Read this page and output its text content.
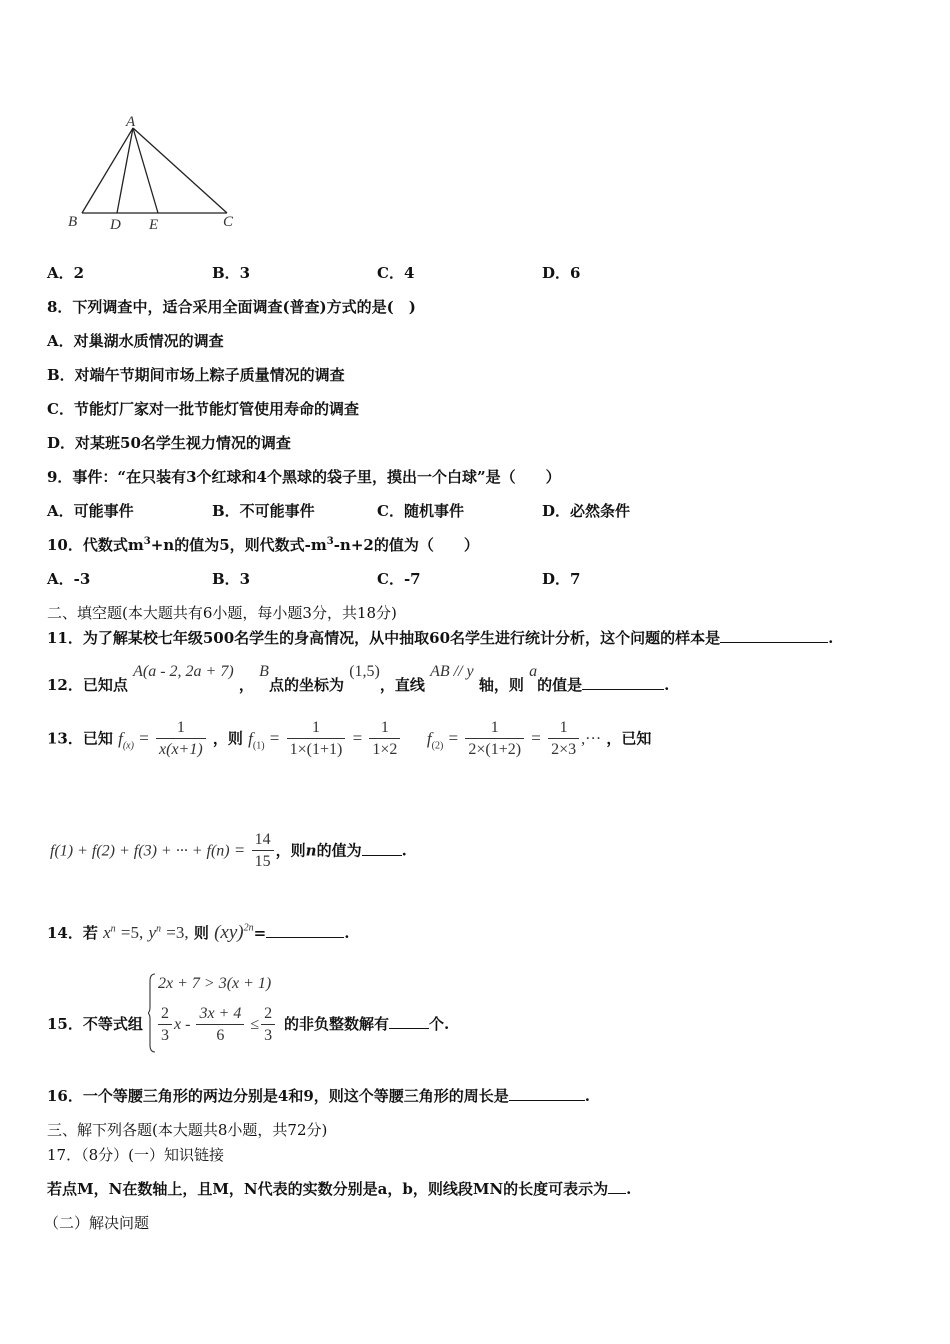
A
B D E	C
A．2	B．3	C．4	D．6
8．下列调查中，适合采用全面调查(普查)方式的是(　)
A．对巢湖水质情况的调查
B．对端午节期间市场上粽子质量情况的调查
C．节能灯厂家对一批节能灯管使用寿命的调查
D．对某班50名学生视力情况的调查
9．事件：“在只装有3个红球和4个黑球的袋子里，摸出一个白球”是（　　）
A．可能事件	B．不可能事件	C．随机事件	D．必然条件
10．代数式$m^3+n$的值为5，则代数式$-m^3-n+2$的值为（　　）
A．-3	B．3	C．-7	D．7
二、填空题(本大题共有6小题，每小题3分，共18分)
11．为了解某校七年级500名学生的身高情况，从中抽取60名学生进行统计分析，这个问题的样本是	.
12．已知点 A(a - 2, 2a + 7) ， B点的坐标为 (1,5)，直线 AB // y 轴，则 a的值是	.
13．已知 $f_{(x)} = \frac{1}{x(x+1)}$ ，则 $f_{(1)} = \frac{1}{1\times(1+1)} = \frac{1}{1\times 2} f_{(2)} = \frac{1}{2\times(1+2)} = \frac{1}{2\times 3}$ ,··· ，已知
f(1) + f(2) + f(3) + ··· + $f(n) = \frac{14}{15}$ ，则n的值为	.
14．若 $x^n =5$, $y^n =3$, 则 (xy)$^{2n}$=	.
15．不等式组
2x + 7 > 3(x + 1)
$\frac{2}{3}$ $x - \frac{3x + 4}{6} \le \frac{2}{3}$ 的非负整数解有	个.
16．一个等腰三角形的两边分别是4和9，则这个等腰三角形的周长是	.
三、解下列各题(本大题共8小题，共72分)
17．（8分）(一）知识链接
若点M，N在数轴上，且M，N代表的实数分别是a，b，则线段MN的长度可表示为 .
（二）解决问题
